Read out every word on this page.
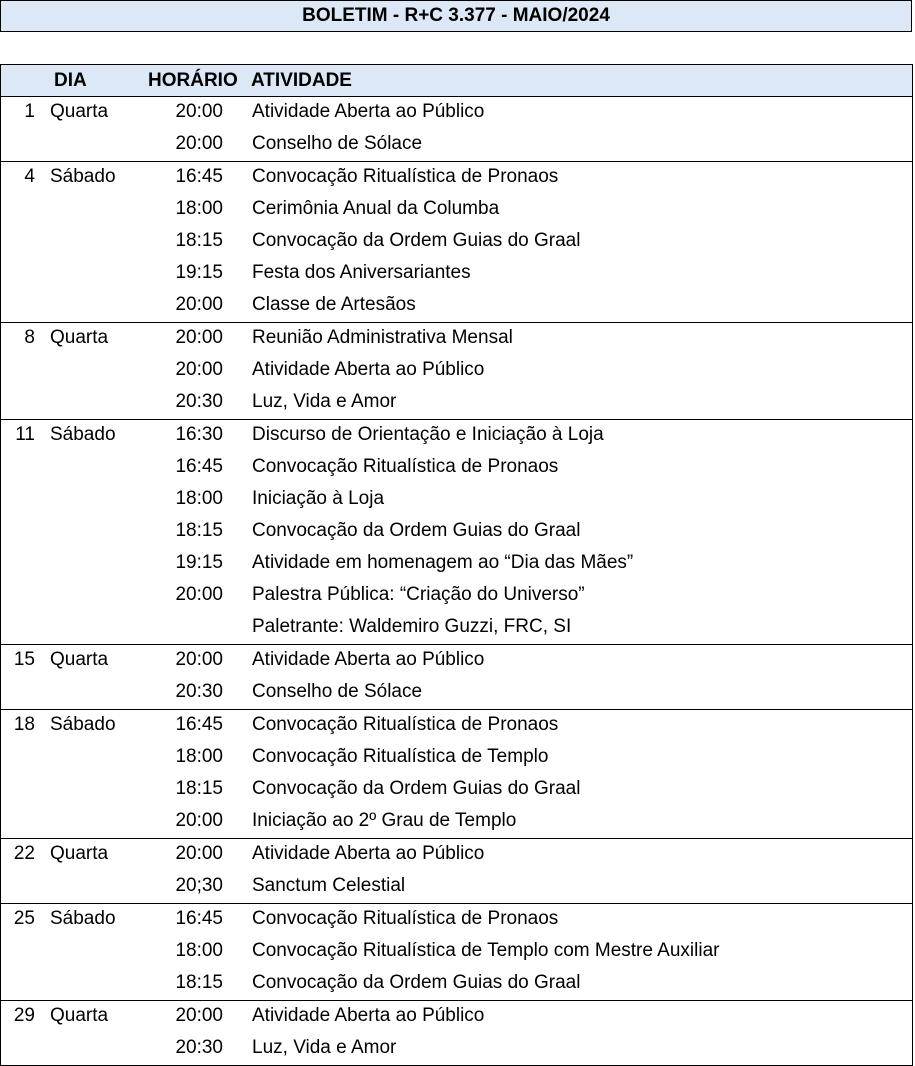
BOLETIM - R+C 3.377 - MAIO/2024
DIA	HORÁRIO ATIVIDADE
1 Quarta	20:00 Atividade Aberta ao Público
20:00 Conselho de Sólace
4 Sábado	16:45 Convocação Ritualística de Pronaos
18:00 Cerimônia Anual da Columba
18:15 Convocação da Ordem Guias do Graal
19:15 Festa dos Aniversariantes
20:00 Classe de Artesãos
8 Quarta	20:00 Reunião Administrativa Mensal
20:00 Atividade Aberta ao Público
20:30 Luz, Vida e Amor
11 Sábado	16:30 Discurso de Orientação e Iniciação à Loja
16:45 Convocação Ritualística de Pronaos
18:00 Iniciação à Loja
18:15 Convocação da Ordem Guias do Graal
19:15 Atividade em homenagem ao “Dia das Mães”
20:00 Palestra Pública: “Criação do Universo”
Paletrante: Waldemiro Guzzi, FRC, SI
15 Quarta	20:00 Atividade Aberta ao Público
20:30 Conselho de Sólace
18 Sábado	16:45 Convocação Ritualística de Pronaos
18:00 Convocação Ritualística de Templo
18:15 Convocação da Ordem Guias do Graal
20:00 Iniciação ao 2º Grau de Templo
22 Quarta	20:00 Atividade Aberta ao Público
20;30 Sanctum Celestial
25 Sábado	16:45 Convocação Ritualística de Pronaos
18:00 Convocação Ritualística de Templo com Mestre Auxiliar
18:15 Convocação da Ordem Guias do Graal
29 Quarta	20:00 Atividade Aberta ao Público
20:30 Luz, Vida e Amor
